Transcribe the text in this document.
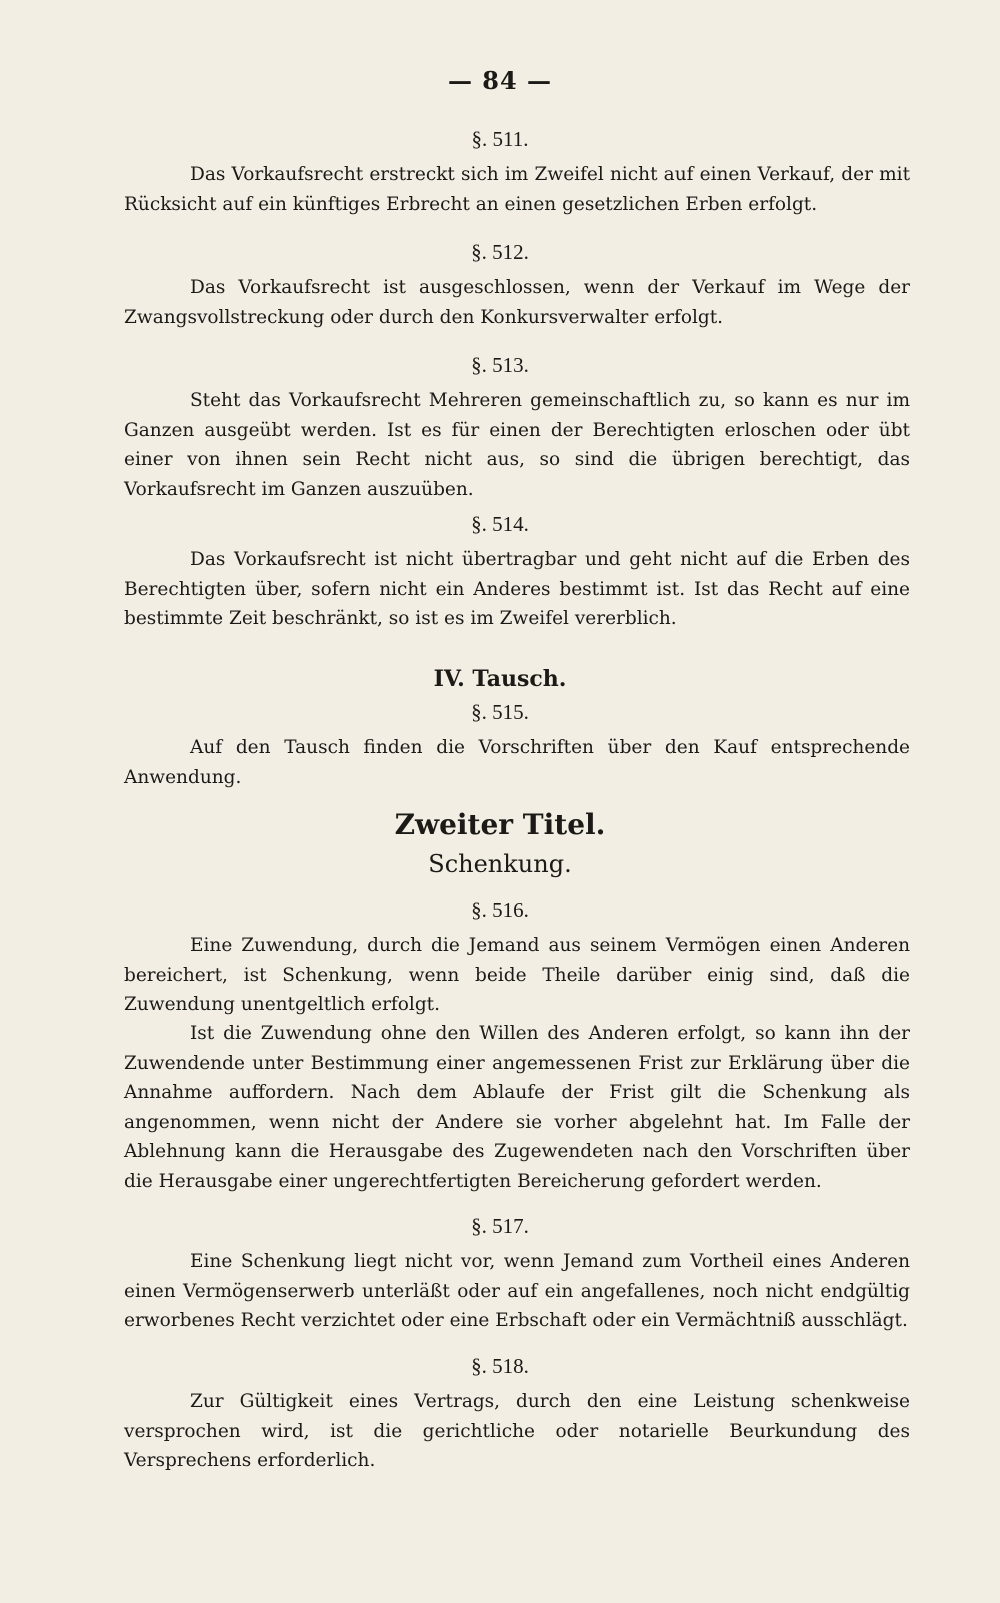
— 84 —
§. 511.
Das Vorkaufsrecht erstreckt sich im Zweifel nicht auf einen Verkauf, der mit Rücksicht auf ein künftiges Erbrecht an einen gesetzlichen Erben erfolgt.
§. 512.
Das Vorkaufsrecht ist ausgeschlossen, wenn der Verkauf im Wege der Zwangsvollstreckung oder durch den Konkursverwalter erfolgt.
§. 513.
Steht das Vorkaufsrecht Mehreren gemeinschaftlich zu, so kann es nur im Ganzen ausgeübt werden. Ist es für einen der Berechtigten erloschen oder übt einer von ihnen sein Recht nicht aus, so sind die übrigen berechtigt, das Vorkaufsrecht im Ganzen auszuüben.
§. 514.
Das Vorkaufsrecht ist nicht übertragbar und geht nicht auf die Erben des Berechtigten über, sofern nicht ein Anderes bestimmt ist. Ist das Recht auf eine bestimmte Zeit beschränkt, so ist es im Zweifel vererblich.
IV. Tausch.
§. 515.
Auf den Tausch finden die Vorschriften über den Kauf entsprechende Anwendung.
Zweiter Titel.
Schenkung.
§. 516.
Eine Zuwendung, durch die Jemand aus seinem Vermögen einen Anderen bereichert, ist Schenkung, wenn beide Theile darüber einig sind, daß die Zuwendung unentgeltlich erfolgt.
Ist die Zuwendung ohne den Willen des Anderen erfolgt, so kann ihn der Zuwendende unter Bestimmung einer angemessenen Frist zur Erklärung über die Annahme auffordern. Nach dem Ablaufe der Frist gilt die Schenkung als angenommen, wenn nicht der Andere sie vorher abgelehnt hat. Im Falle der Ablehnung kann die Herausgabe des Zugewendeten nach den Vorschriften über die Herausgabe einer ungerechtfertigten Bereicherung gefordert werden.
§. 517.
Eine Schenkung liegt nicht vor, wenn Jemand zum Vortheil eines Anderen einen Vermögenserwerb unterläßt oder auf ein angefallenes, noch nicht endgültig erworbenes Recht verzichtet oder eine Erbschaft oder ein Vermächtniß ausschlägt.
§. 518.
Zur Gültigkeit eines Vertrags, durch den eine Leistung schenkweise versprochen wird, ist die gerichtliche oder notarielle Beurkundung des Versprechens erforderlich.
